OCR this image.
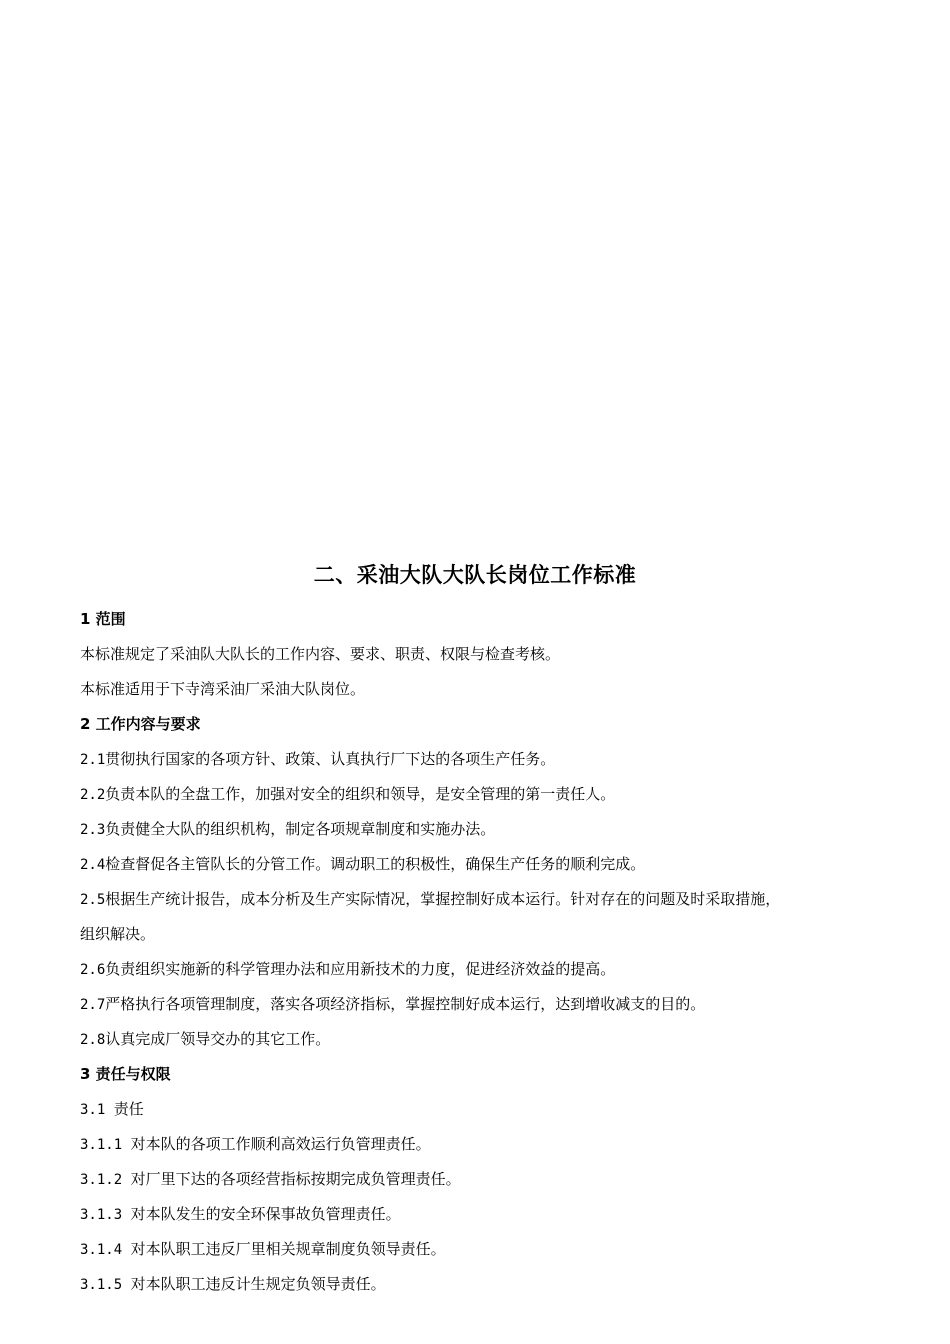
二、采油大队大队长岗位工作标准
1 范围
本标准规定了采油队大队长的工作内容、要求、职责、权限与检查考核。
本标准适用于下寺湾采油厂采油大队岗位。
2 工作内容与要求
2.1贯彻执行国家的各项方针、政策、认真执行厂下达的各项生产任务。
2.2负责本队的全盘工作，加强对安全的组织和领导，是安全管理的第一责任人。
2.3负责健全大队的组织机构，制定各项规章制度和实施办法。
2.4检查督促各主管队长的分管工作。调动职工的积极性，确保生产任务的顺利完成。
2.5根据生产统计报告，成本分析及生产实际情况，掌握控制好成本运行。针对存在的问题及时采取措施，
组织解决。
2.6负责组织实施新的科学管理办法和应用新技术的力度，促进经济效益的提高。
2.7严格执行各项管理制度，落实各项经济指标，掌握控制好成本运行，达到增收减支的目的。
2.8认真完成厂领导交办的其它工作。
3 责任与权限
3.1 责任
3.1.1 对本队的各项工作顺利高效运行负管理责任。
3.1.2 对厂里下达的各项经营指标按期完成负管理责任。
3.1.3 对本队发生的安全环保事故负管理责任。
3.1.4 对本队职工违反厂里相关规章制度负领导责任。
3.1.5 对本队职工违反计生规定负领导责任。
